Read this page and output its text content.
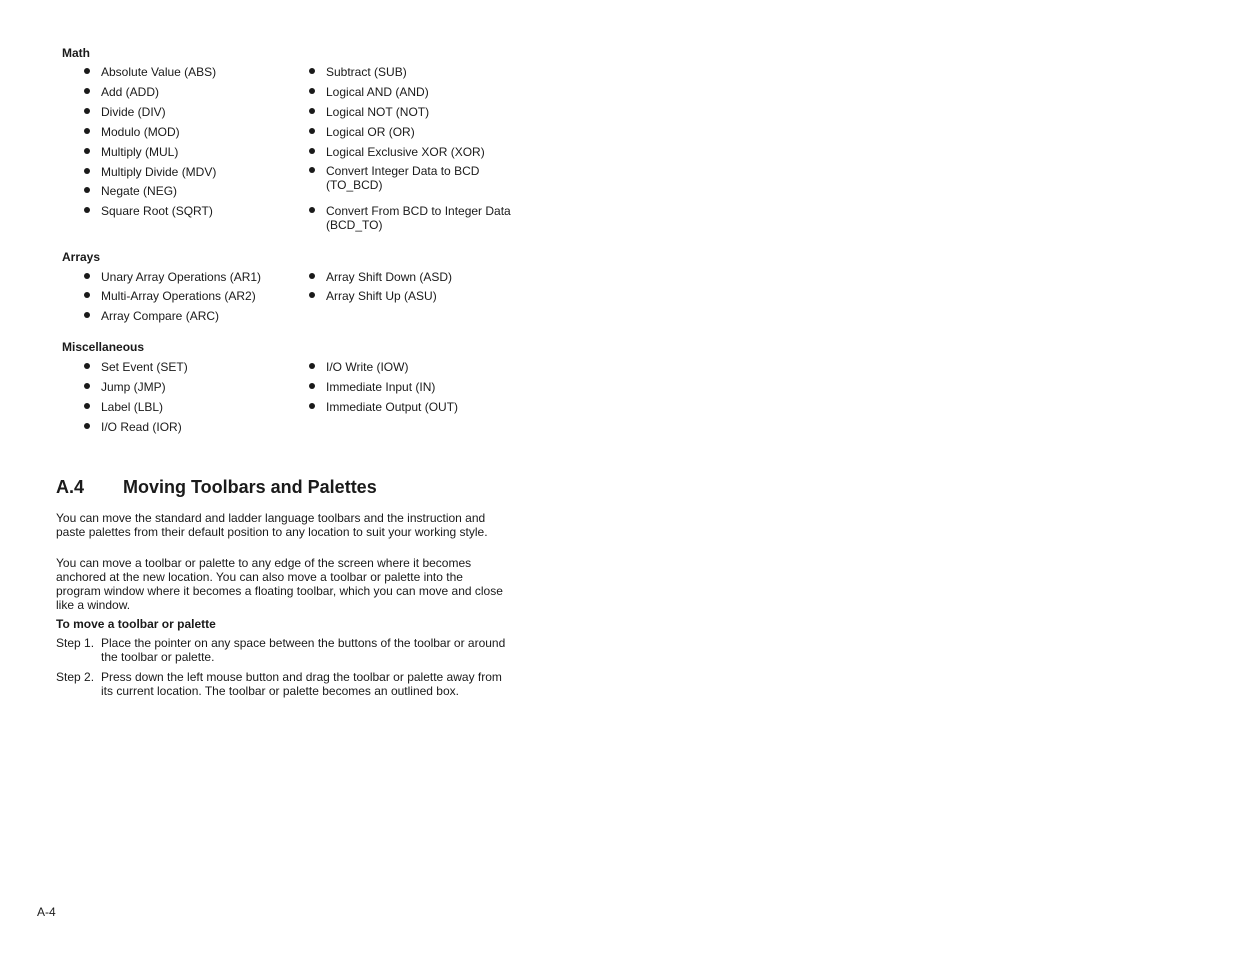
Math
Absolute Value (ABS)
Add (ADD)
Divide (DIV)
Modulo (MOD)
Multiply (MUL)
Multiply Divide (MDV)
Negate (NEG)
Square Root (SQRT)
Subtract (SUB)
Logical AND (AND)
Logical NOT (NOT)
Logical OR (OR)
Logical Exclusive XOR (XOR)
Convert Integer Data to BCD (TO_BCD)
Convert From BCD to Integer Data (BCD_TO)
Arrays
Unary Array Operations (AR1)
Multi-Array Operations (AR2)
Array Compare (ARC)
Array Shift Down (ASD)
Array Shift Up (ASU)
Miscellaneous
Set Event (SET)
Jump (JMP)
Label (LBL)
I/O Read (IOR)
I/O Write (IOW)
Immediate Input (IN)
Immediate Output (OUT)
A.4 Moving Toolbars and Palettes
You can move the standard and ladder language toolbars and the instruction and paste palettes from their default position to any location to suit your working style.
You can move a toolbar or palette to any edge of the screen where it becomes anchored at the new location. You can also move a toolbar or palette into the program window where it becomes a floating toolbar, which you can move and close like a window.
To move a toolbar or palette
Step 1. Place the pointer on any space between the buttons of the toolbar or around the toolbar or palette.
Step 2. Press down the left mouse button and drag the toolbar or palette away from its current location. The toolbar or palette becomes an outlined box.
A-4
